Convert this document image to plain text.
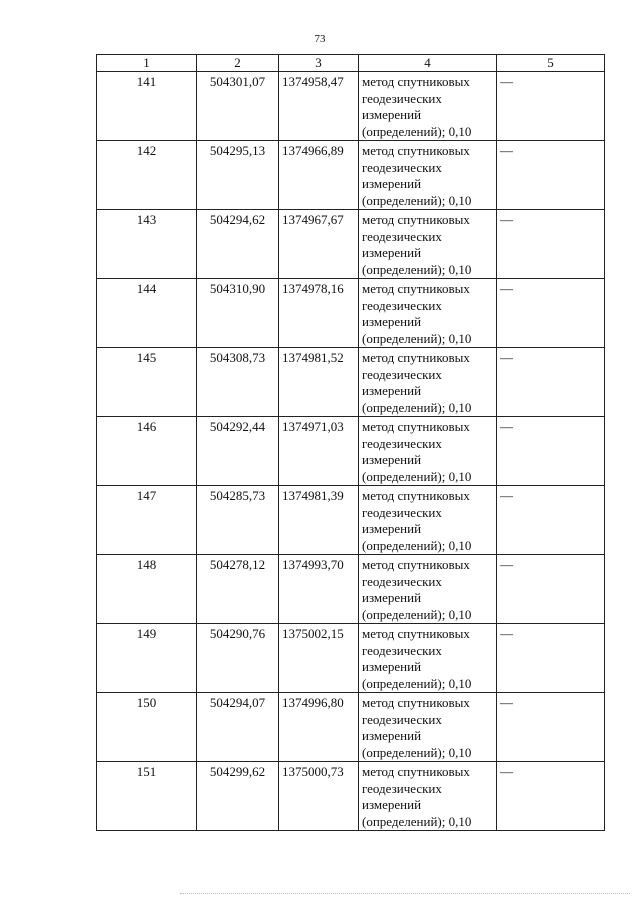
73
1	2	3	4	5
141	504301,07	1374958,47	метод спутниковых геодезических измерений (определений); 0,10	—
142	504295,13	1374966,89	метод спутниковых геодезических измерений (определений); 0,10	—
143	504294,62	1374967,67	метод спутниковых геодезических измерений (определений); 0,10	—
144	504310,90	1374978,16	метод спутниковых геодезических измерений (определений); 0,10	—
145	504308,73	1374981,52	метод спутниковых геодезических измерений (определений); 0,10	—
146	504292,44	1374971,03	метод спутниковых геодезических измерений (определений); 0,10	—
147	504285,73	1374981,39	метод спутниковых геодезических измерений (определений); 0,10	—
148	504278,12	1374993,70	метод спутниковых геодезических измерений (определений); 0,10	—
149	504290,76	1375002,15	метод спутниковых геодезических измерений (определений); 0,10	—
150	504294,07	1374996,80	метод спутниковых геодезических измерений (определений); 0,10	—
151	504299,62	1375000,73	метод спутниковых геодезических измерений (определений); 0,10	—
